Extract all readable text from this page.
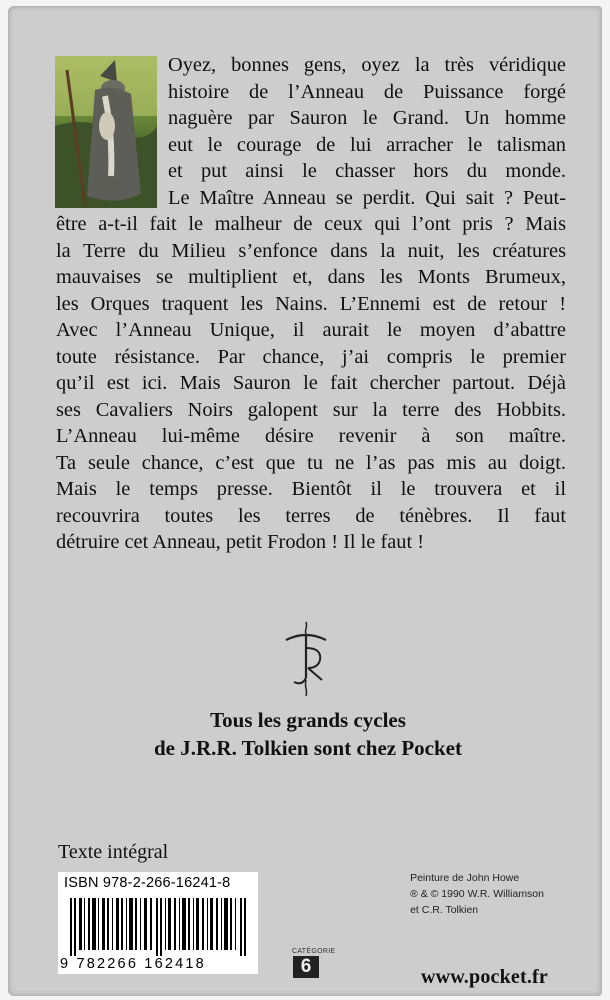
Oyez, bonnes gens, oyez la très véridique
histoire de l’Anneau de Puissance forgé
naguère par Sauron le Grand. Un homme
eut le courage de lui arracher le talisman
et put ainsi le chasser hors du monde.
Le Maître Anneau se perdit. Qui sait ? Peut-
être a-t-il fait le malheur de ceux qui l’ont pris ? Mais
la Terre du Milieu s’enfonce dans la nuit, les créatures
mauvaises se multiplient et, dans les Monts Brumeux,
les Orques traquent les Nains. L’Ennemi est de retour !
Avec l’Anneau Unique, il aurait le moyen d’abattre
toute résistance. Par chance, j’ai compris le premier
qu’il est ici. Mais Sauron le fait chercher partout. Déjà
ses Cavaliers Noirs galopent sur la terre des Hobbits.
L’Anneau lui-même désire revenir à son maître.
Ta seule chance, c’est que tu ne l’as pas mis au doigt.
Mais le temps presse. Bientôt il le trouvera et il
recouvrira toutes les terres de ténèbres. Il faut
détruire cet Anneau, petit Frodon ! Il le faut !
Tous les grands cycles
de J.R.R. Tolkien sont chez Pocket
Texte intégral
ISBN 978-2-266-16241-8
9 782266 162418
Peinture de John Howe
® & © 1990 W.R. Williamson
et C.R. Tolkien
CATÉGORIE
6	www.pocket.fr
